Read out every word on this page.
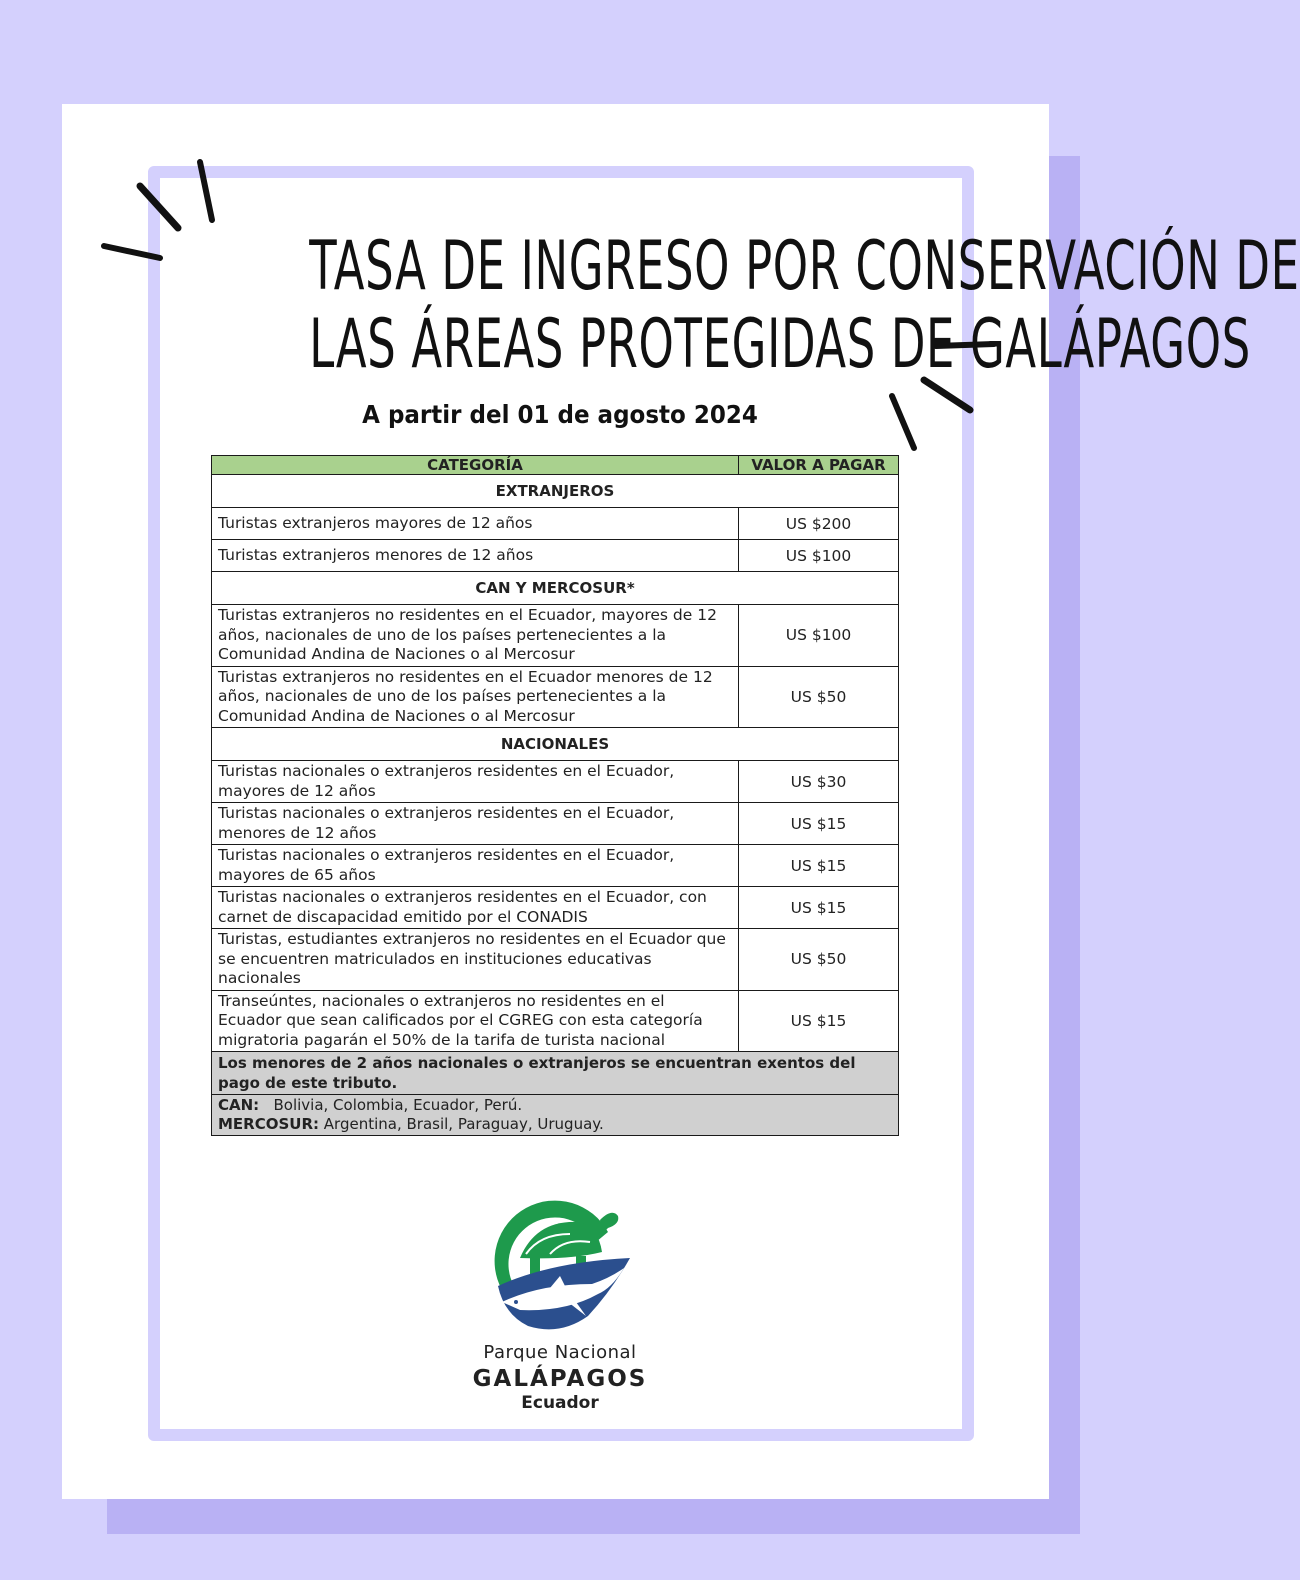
TASA DE INGRESO POR CONSERVACIÓN DE
LAS ÁREAS PROTEGIDAS DE GALÁPAGOS

A partir del 01 de agosto 2024

CATEGORÍA	VALOR A PAGAR
EXTRANJEROS	
Turistas extranjeros mayores de 12 años	US $200
Turistas extranjeros menores de 12 años	US $100
CAN Y MERCOSUR*	
Turistas extranjeros no residentes en el Ecuador, mayores de 12 años, nacionales de uno de los países pertenecientes a la Comunidad Andina de Naciones o al Mercosur	US $100
Turistas extranjeros no residentes en el Ecuador menores de 12 años, nacionales de uno de los países pertenecientes a la Comunidad Andina de Naciones o al Mercosur	US $50
NACIONALES	
Turistas nacionales o extranjeros residentes en el Ecuador, mayores de 12 años	US $30
Turistas nacionales o extranjeros residentes en el Ecuador, menores de 12 años	US $15
Turistas nacionales o extranjeros residentes en el Ecuador, mayores de 65 años	US $15
Turistas nacionales o extranjeros residentes en el Ecuador, con carnet de discapacidad emitido por el CONADIS	US $15
Turistas, estudiantes extranjeros no residentes en el Ecuador que se encuentren matriculados en instituciones educativas nacionales	US $50
Transeúntes, nacionales o extranjeros no residentes en el Ecuador que sean calificados por el CGREG con esta categoría migratoria pagarán el 50% de la tarifa de turista nacional	US $15
Los menores de 2 años nacionales o extranjeros se encuentran exentos del pago de este tributo.	

CAN: Bolivia, Colombia, Ecuador, Perú.
MERCOSUR: Argentina, Brasil, Paraguay, Uruguay.	
Parque Nacional
GALÁPAGOS
Ecuador
